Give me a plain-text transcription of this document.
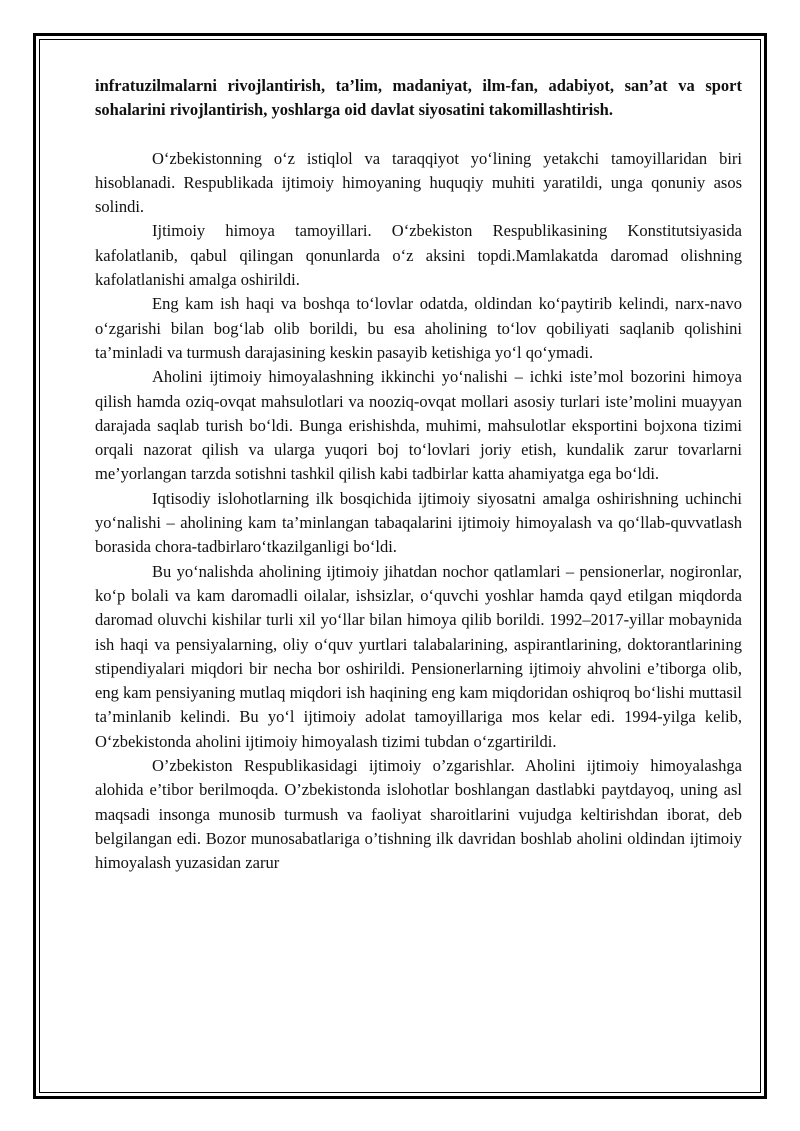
infratuzilmalarni rivojlantirish, ta’lim, madaniyat, ilm-fan, adabiyot, san’at va sport sohalarini rivojlantirish, yoshlarga oid davlat siyosatini takomillashtirish.

O‘zbekistonning o‘z istiqlol va taraqqiyot yo‘lining yetakchi tamoyillaridan biri hisoblanadi. Respublikada ijtimoiy himoyaning huquqiy muhiti yaratildi, unga qonuniy asos solindi.

Ijtimoiy himoya tamoyillari. O‘zbekiston Respublikasining Konstitutsiyasida kafolatlanib, qabul qilingan qonunlarda o‘z aksini topdi.Mamlakatda daromad olishning kafolatlanishi amalga oshirildi.

Eng kam ish haqi va boshqa to‘lovlar odatda, oldindan ko‘paytirib kelindi, narx-navo o‘zgarishi bilan bog‘lab olib borildi, bu esa aholining to‘lov qobiliyati saqlanib qolishini ta’minladi va turmush darajasining keskin pasayib ketishiga yo‘l qo‘ymadi.

Aholini ijtimoiy himoyalashning ikkinchi yo‘nalishi – ichki iste’mol bozorini himoya qilish hamda oziq-ovqat mahsulotlari va nooziq-ovqat mollari asosiy turlari iste’molini muayyan darajada saqlab turish bo‘ldi. Bunga erishishda, muhimi, mahsulotlar eksportini bojxona tizimi orqali nazorat qilish va ularga yuqori boj to‘lovlari joriy etish, kundalik zarur tovarlarni me’yorlangan tarzda sotishni tashkil qilish kabi tadbirlar katta ahamiyatga ega bo‘ldi.

Iqtisodiy islohotlarning ilk bosqichida ijtimoiy siyosatni amalga oshirishning uchinchi yo‘nalishi – aholining kam ta’minlangan tabaqalarini ijtimoiy himoyalash va qo‘llab-quvvatlash borasida chora-tadbirlaro‘tkazilganligi bo‘ldi.

Bu yo‘nalishda aholining ijtimoiy jihatdan nochor qatlamlari – pensionerlar, nogironlar, ko‘p bolali va kam daromadli oilalar, ishsizlar, o‘quvchi yoshlar hamda qayd etilgan miqdorda daromad oluvchi kishilar turli xil yo‘llar bilan himoya qilib borildi. 1992–2017-yillar mobaynida ish haqi va pensiyalarning, oliy o‘quv yurtlari talabalarining, aspirantlarining, doktorantlarining stipendiyalari miqdori bir necha bor oshirildi. Pensionerlarning ijtimoiy ahvolini e’tiborga olib, eng kam pensiyaning mutlaq miqdori ish haqining eng kam miqdoridan oshiqroq bo‘lishi muttasil ta’minlanib kelindi. Bu yo‘l ijtimoiy adolat tamoyillariga mos kelar edi. 1994-yilga kelib, O‘zbekistonda aholini ijtimoiy himoyalash tizimi tubdan o‘zgartirildi.

O’zbekiston Respublikasidagi ijtimoiy o’zgarishlar. Aholini ijtimoiy himoyalashga alohida e’tibor berilmoqda. O’zbekistonda islohotlar boshlangan dastlabki paytdayoq, uning asl maqsadi insonga munosib turmush va faoliyat sharoitlarini vujudga keltirishdan iborat, deb belgilangan edi. Bozor munosabatlariga o’tishning ilk davridan boshlab aholini oldindan ijtimoiy himoyalash yuzasidan zarur
